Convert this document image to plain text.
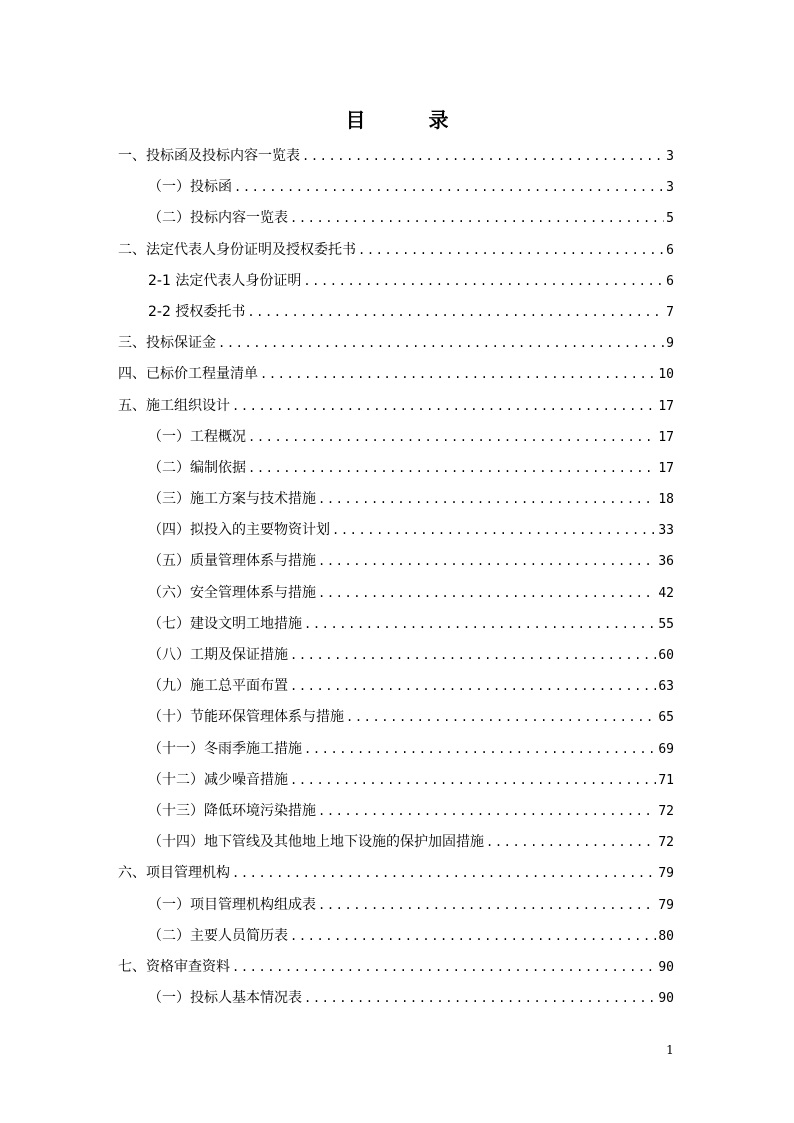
目 录
一、投标函及投标内容一览表 .....	3
（一）投标函 .....	3
（二）投标内容一览表 .....	5
二、法定代表人身份证明及授权委托书 .....	6
2-1 法定代表人身份证明 .....	6
2-2 授权委托书 .....	7
三、投标保证金 .....	9
四、已标价工程量清单 .....	10
五、施工组织设计 .....	17
（一）工程概况 .....	17
（二）编制依据 .....	17
（三）施工方案与技术措施 .....	18
（四）拟投入的主要物资计划 .....	33
（五）质量管理体系与措施 .....	36
（六）安全管理体系与措施 .....	42
（七）建设文明工地措施 .....	55
（八）工期及保证措施 .....	60
（九）施工总平面布置 .....	63
（十）节能环保管理体系与措施 .....	65
（十一）冬雨季施工措施 .....	69
（十二）减少噪音措施 .....	71
（十三）降低环境污染措施 .....	72
（十四）地下管线及其他地上地下设施的保护加固措施 .....	72
六、项目管理机构 .....	79
（一）项目管理机构组成表 .....	79
（二）主要人员简历表 .....	80
七、资格审查资料 .....	90
（一）投标人基本情况表 .....	90
1
